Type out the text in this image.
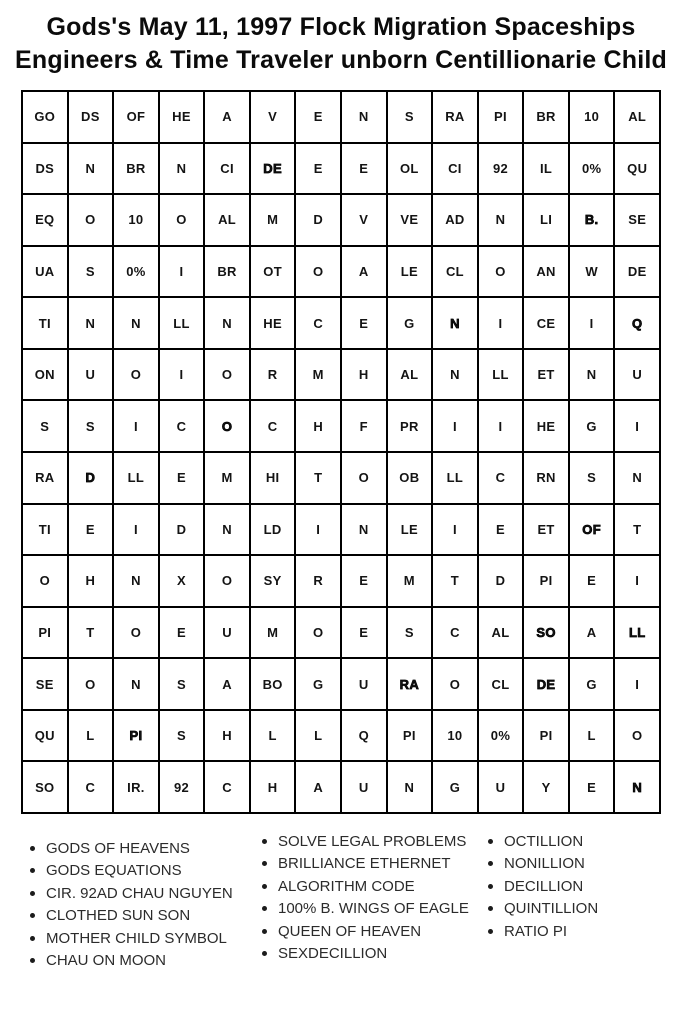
Gods's May 11, 1997 Flock Migration Spaceships
Engineers & Time Traveler unborn Centillionarie Child
GO	DS	OF	HE	A	V	E	N	S	RA	PI	BR	10	AL
DS	N	BR	N	CI	DE	E	E	OL	CI	92	IL	0%	QU
EQ	O	10	O	AL	M	D	V	VE	AD	N	LI	B.	SE
UA	S	0%	I	BR	OT	O	A	LE	CL	O	AN	W	DE
TI	N	N	LL	N	HE	C	E	G	N	I	CE	I	Q
ON	U	O	I	O	R	M	H	AL	N	LL	ET	N	U
S	S	I	C	O	C	H	F	PR	I	I	HE	G	I
RA	D	LL	E	M	HI	T	O	OB	LL	C	RN	S	N
TI	E	I	D	N	LD	I	N	LE	I	E	ET	OF	T
O	H	N	X	O	SY	R	E	M	T	D	PI	E	I
PI	T	O	E	U	M	O	E	S	C	AL	SO	A	LL
SE	O	N	S	A	BO	G	U	RA	O	CL	DE	G	I
QU	L	PI	S	H	L	L	Q	PI	10	0%	PI	L	O
SO	C	IR.	92	C	H	A	U	N	G	U	Y	E	N
GODS OF HEAVENS
GODS EQUATIONS
CIR. 92AD CHAU NGUYEN
CLOTHED SUN SON
MOTHER CHILD SYMBOL
CHAU ON MOON
SOLVE LEGAL PROBLEMS
BRILLIANCE ETHERNET
ALGORITHM CODE
100% B. WINGS OF EAGLE
QUEEN OF HEAVEN
SEXDECILLION
OCTILLION
NONILLION
DECILLION
QUINTILLION
RATIO PI
